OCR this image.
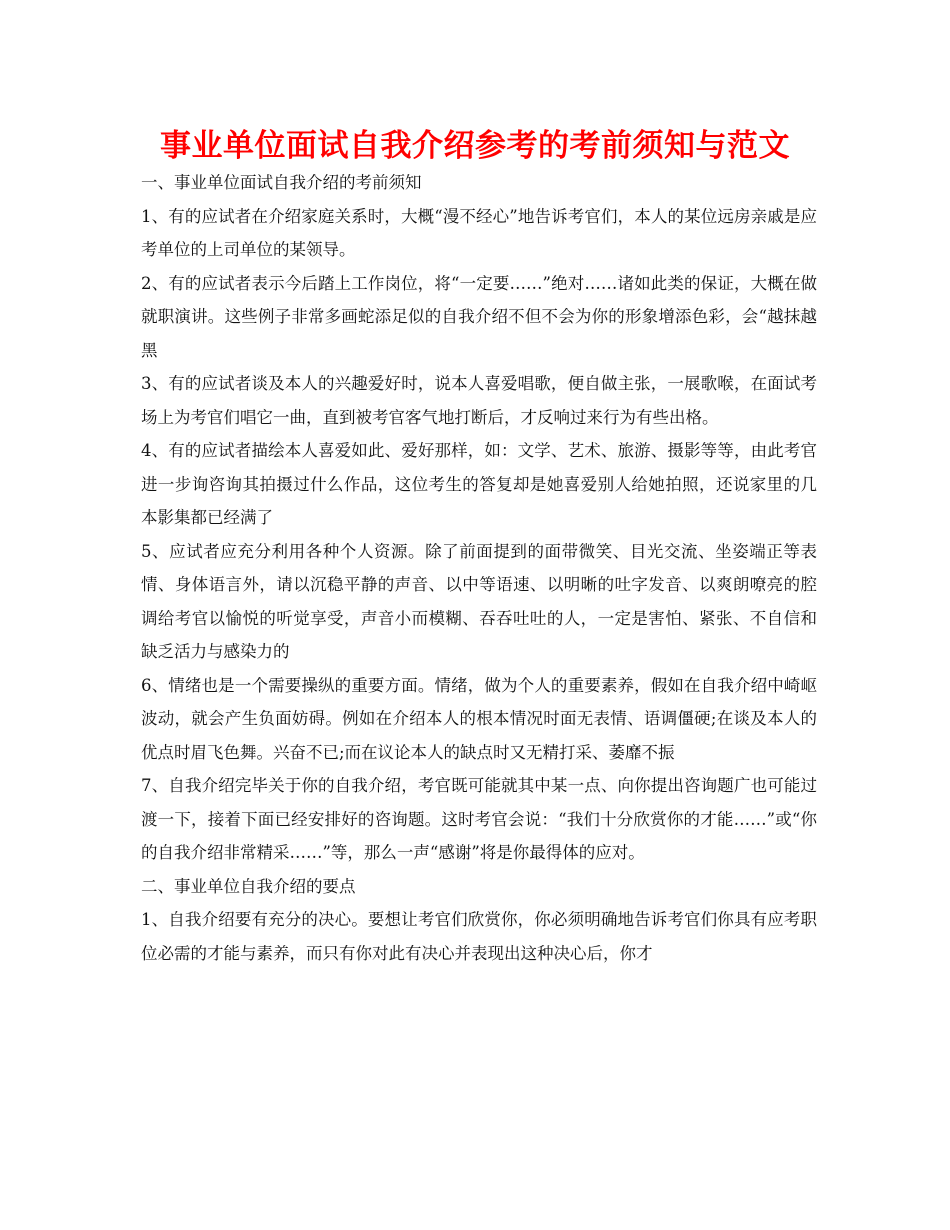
事业单位面试自我介绍参考的考前须知与范文

一、事业单位面试自我介绍的考前须知

1、有的应试者在介绍家庭关系时，大概“漫不经心”地告诉考官们，本人的某位远房亲戚是应考单位的上司单位的某领导。

2、有的应试者表示今后踏上工作岗位，将“一定要……”绝对……诸如此类的保证，大概在做就职演讲。这些例子非常多画蛇添足似的自我介绍不但不会为你的形象增添色彩，会“越抹越黑

3、有的应试者谈及本人的兴趣爱好时，说本人喜爱唱歌，便自做主张，一展歌喉，在面试考场上为考官们唱它一曲，直到被考官客气地打断后，才反响过来行为有些出格。

4、有的应试者描绘本人喜爱如此、爱好那样，如：文学、艺术、旅游、摄影等等，由此考官进一步询咨询其拍摄过什么作品，这位考生的答复却是她喜爱别人给她拍照，还说家里的几本影集都已经满了

5、应试者应充分利用各种个人资源。除了前面提到的面带微笑、目光交流、坐姿端正等表情、身体语言外，请以沉稳平静的声音、以中等语速、以明晰的吐字发音、以爽朗嘹亮的腔调给考官以愉悦的听觉享受，声音小而模糊、吞吞吐吐的人，一定是害怕、紧张、不自信和缺乏活力与感染力的

6、情绪也是一个需要操纵的重要方面。情绪，做为个人的重要素养，假如在自我介绍中崎岖波动，就会产生负面妨碍。例如在介绍本人的根本情况时面无表情、语调僵硬;在谈及本人的优点时眉飞色舞。兴奋不已;而在议论本人的缺点时又无精打采、萎靡不振

7、自我介绍完毕关于你的自我介绍，考官既可能就其中某一点、向你提出咨询题广也可能过渡一下，接着下面已经安排好的咨询题。这时考官会说：“我们十分欣赏你的才能……”或“你的自我介绍非常精采……”等，那么一声“感谢”将是你最得体的应对。

二、事业单位自我介绍的要点

1、自我介绍要有充分的决心。要想让考官们欣赏你，你必须明确地告诉考官们你具有应考职位必需的才能与素养，而只有你对此有决心并表现出这种决心后，你才
